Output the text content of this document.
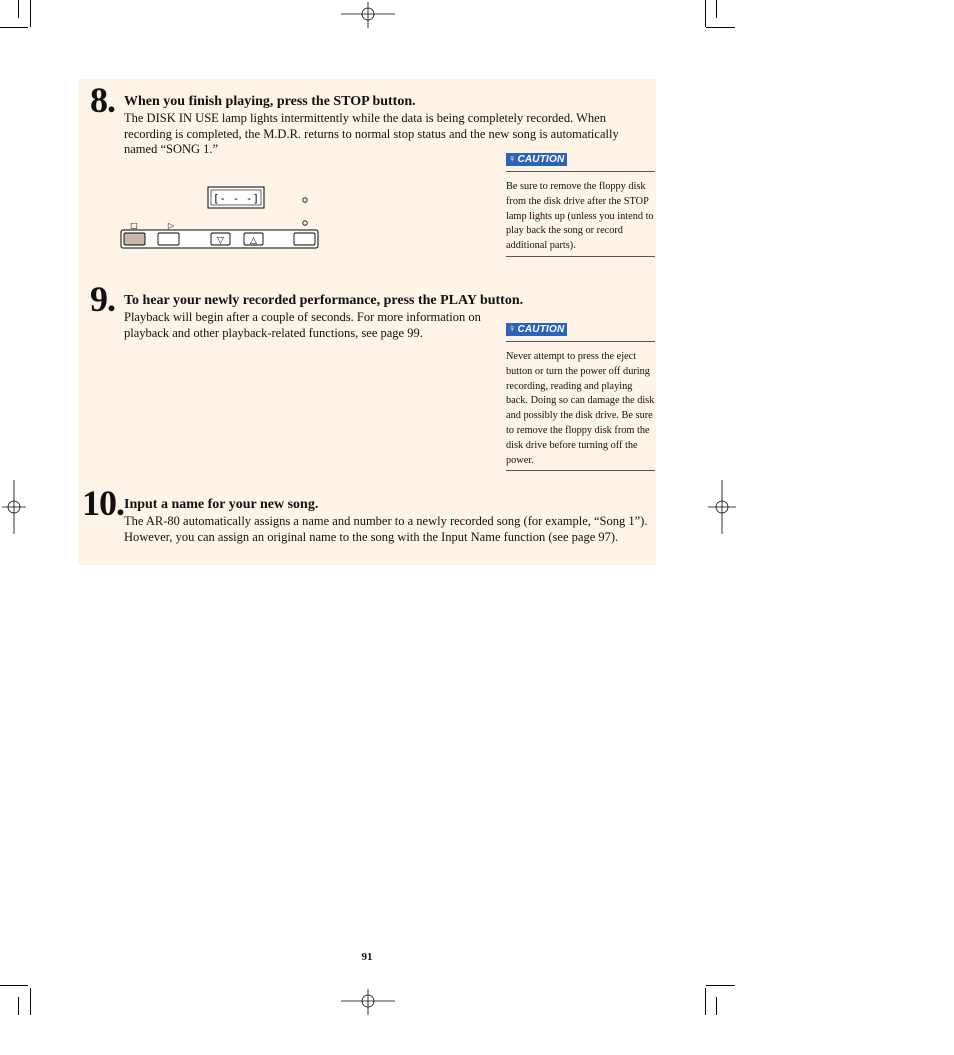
8. When you finish playing, press the STOP button.
The DISK IN USE lamp lights intermittently while the data is being completely recorded. When recording is completed, the M.D.R. returns to normal stop status and the new song is automatically named “SONG 1.”
♀ CAUTION
Be sure to remove the floppy disk from the disk drive after the STOP lamp lights up (unless you intend to play back the song or record additional parts).
[- - -]
□	▷
▽	△
9. To hear your newly recorded performance, press the PLAY button.
Playback will begin after a couple of seconds. For more information on playback and other playback-related functions, see page 99.	♀ CAUTION
Never attempt to press the eject button or turn the power off during recording, reading and playing back. Doing so can damage the disk and possibly the disk drive. Be sure to remove the floppy disk from the disk drive before turning off the power.
10. Input a name for your new song.
The AR-80 automatically assigns a name and number to a newly recorded song (for example, “Song 1”). However, you can assign an original name to the song with the Input Name function (see page 97).
91
